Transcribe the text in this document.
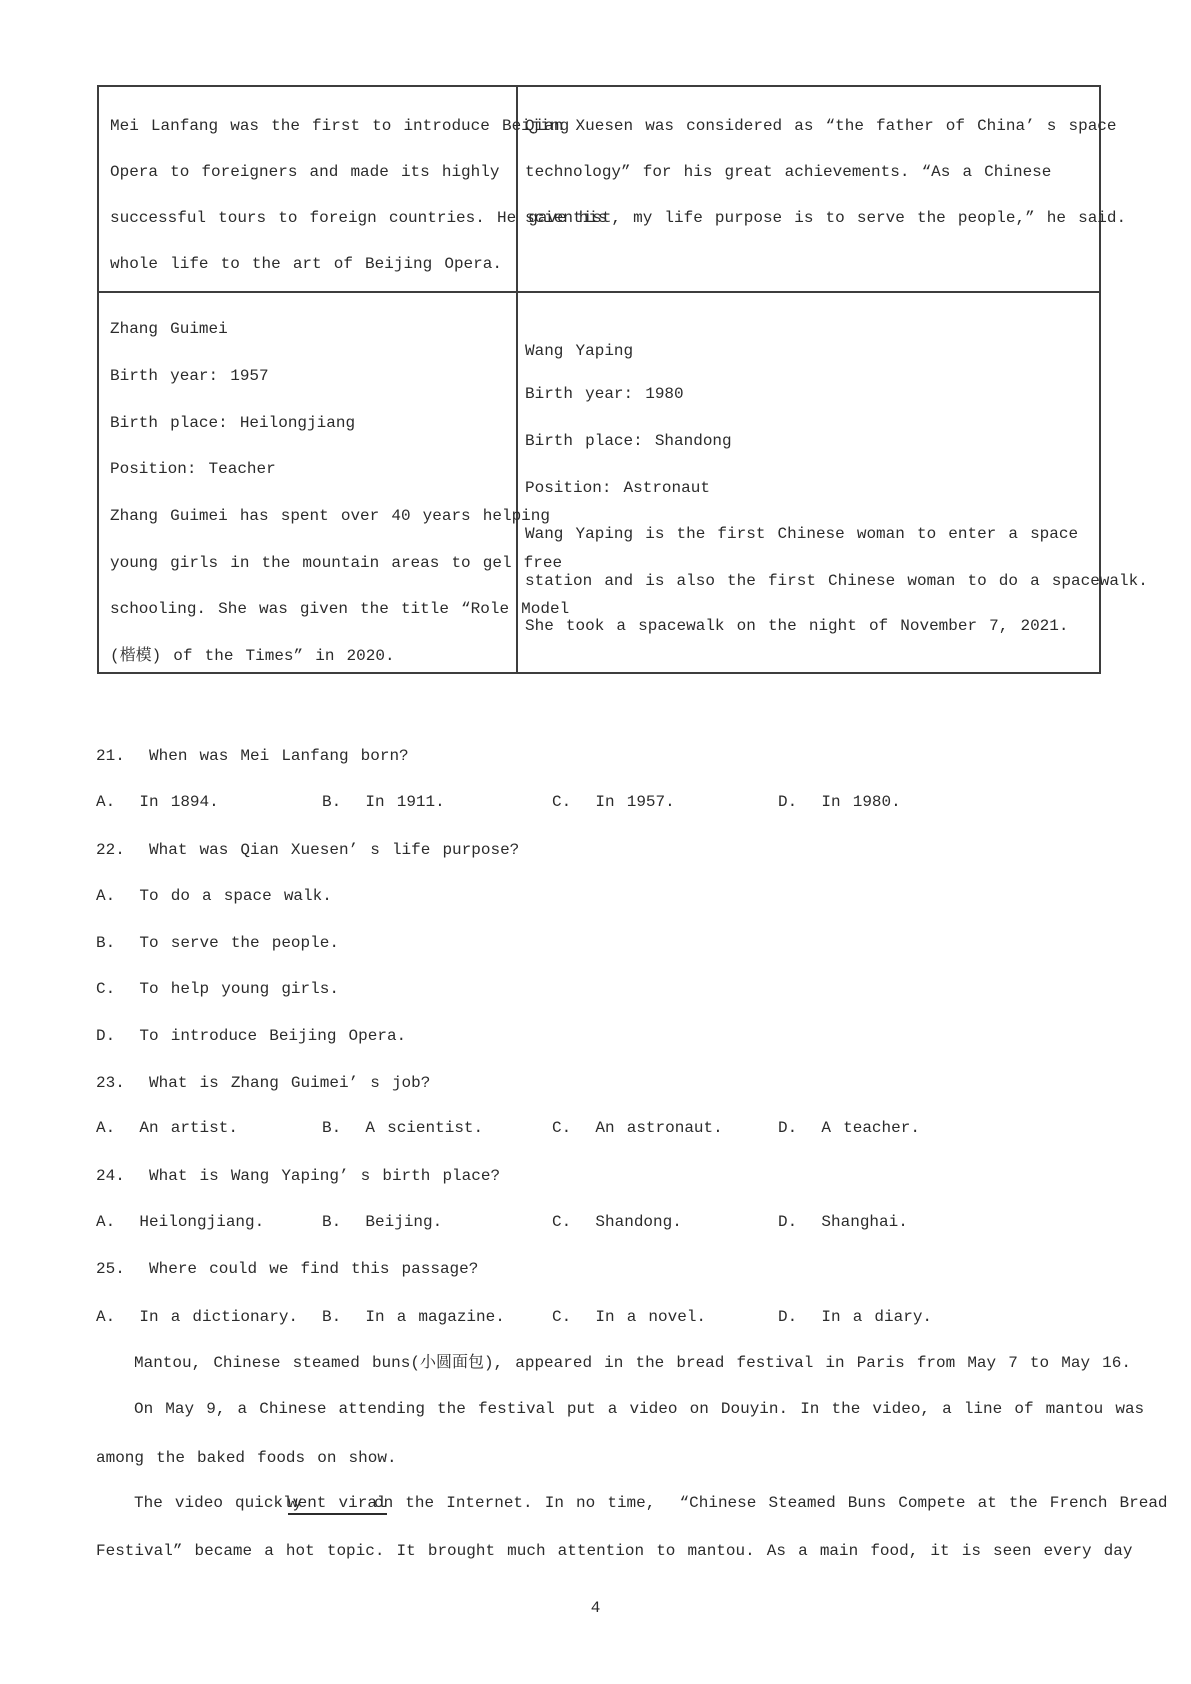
Mei Lanfang was the first to introduce Beijing
Opera to foreigners and made its highly
successful tours to foreign countries. He gave his
whole life to the art of Beijing Opera.
Qian Xuesen was considered as “the father of China’ s space
technology” for his great achievements. “As a Chinese
scientist, my life purpose is to serve the people,” he said.
Zhang Guimei
Birth year: 1957
Birth place: Heilongjiang
Position: Teacher
Zhang Guimei has spent over 40 years helping
young girls in the mountain areas to gel free
schooling. She was given the title “Role Model
(楷模) of the Times” in 2020.
Wang Yaping
Birth year: 1980
Birth place: Shandong
Position: Astronaut
Wang Yaping is the first Chinese woman to enter a space
station and is also the first Chinese woman to do a spacewalk.
She took a spacewalk on the night of November 7, 2021.
21.  When was Mei Lanfang born?
A.  In 1894.	B.  In 1911.	C.  In 1957.	D.  In 1980.
22.  What was Qian Xuesen’ s life purpose?
A.  To do a space walk.
B.  To serve the people.
C.  To help young girls.
D.  To introduce Beijing Opera.
23.  What is Zhang Guimei’ s job?
A.  An artist.	B.  A scientist.	C.  An astronaut.	D.  A teacher.
24.  What is Wang Yaping’ s birth place?
A.  Heilongjiang.	B.  Beijing.	C.  Shandong.	D.  Shanghai.
25.  Where could we find this passage?
A.  In a dictionary. B.  In a magazine.	C.  In a novel.	D.  In a diary.
Mantou, Chinese steamed buns(小圆面包), appeared in the bread festival in Paris from May 7 to May 16.
On May 9, a Chinese attending the festival put a video on Douyin. In the video, a line of mantou was
among the baked foods on show.
The video quickly
went viral
on the Internet. In no time,  “Chinese Steamed Buns Compete at the French Bread
Festival” became a hot topic. It brought much attention to mantou. As a main food, it is seen every day
4
